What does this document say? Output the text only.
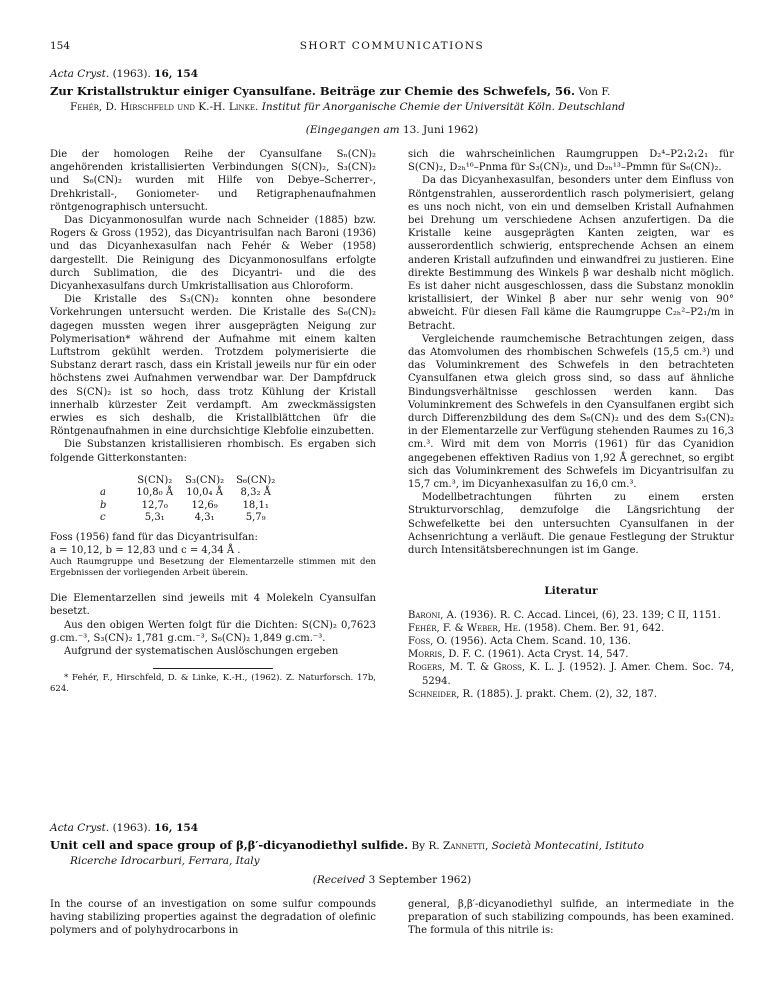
154	SHORT COMMUNICATIONS
Acta Cryst. (1963). 16, 154
Zur Kristallstruktur einiger Cyansulfane. Beiträge zur Chemie des Schwefels, 56. Von F.
Fehér, D. Hirschfeld und K.-H. Linke. Institut für Anorganische Chemie der Universität Köln. Deutschland
(Eingegangen am 13. Juni 1962)

Die der homologen Reihe der Cyansulfane Sₙ(CN)₂ angehörenden kristallisierten Verbindungen S(CN)₂, S₃(CN)₂ und S₆(CN)₂ wurden mit Hilfe von Debye–Scherrer-, Drehkristall-, Goniometer- und Retigraphenaufnahmen röntgenographisch untersucht.

Das Dicyanmonosulfan wurde nach Schneider (1885) bzw. Rogers & Gross (1952), das Dicyantrisulfan nach Baroni (1936) und das Dicyanhexasulfan nach Fehér & Weber (1958) dargestellt. Die Reinigung des Dicyanmonosulfans erfolgte durch Sublimation, die des Dicyantri- und die des Dicyanhexasulfans durch Umkristallisation aus Chloroform.

Die Kristalle des S₃(CN)₂ konnten ohne besondere Vorkehrungen untersucht werden. Die Kristalle des S₆(CN)₂ dagegen mussten wegen ihrer ausgeprägten Neigung zur Polymerisation* während der Aufnahme mit einem kalten Luftstrom gekühlt werden. Trotzdem polymerisierte die Substanz derart rasch, dass ein Kristall jeweils nur für ein oder höchstens zwei Aufnahmen verwendbar war. Der Dampfdruck des S(CN)₂ ist so hoch, dass trotz Kühlung der Kristall innerhalb kürzester Zeit verdampft. Am zweckmässigsten erwies es sich deshalb, die Kristallblättchen üfr die Röntgenaufnahmen in eine durchsichtige Klebfolie einzubetten.

Die Substanzen kristallisieren rhombisch. Es ergaben sich folgende Gitterkonstanten:

	S(CN)₂	S₃(CN)₂	S₆(CN)₂
a	10,8₀ Å	10,0₄ Å	8,3₂ Å
b	12,7₀	12,6₉	18,1₁
c	5,3₁	4,3₁	5,7₉

Foss (1956) fand für das Dicyantrisulfan:

a = 10,12, b = 12,83 und c = 4,34 Å .

Auch Raumgruppe und Besetzung der Elementarzelle stimmen mit den Ergebnissen der vorliegenden Arbeit überein.

Die Elementarzellen sind jeweils mit 4 Molekeln Cyansulfan besetzt.

Aus den obigen Werten folgt für die Dichten: S(CN)₂ 0,7623 g.cm.⁻³, S₃(CN)₂ 1,781 g.cm.⁻³, S₆(CN)₂ 1,849 g.cm.⁻³.

Aufgrund der systematischen Auslöschungen ergeben

* Fehér, F., Hirschfeld, D. & Linke, K.-H., (1962). Z. Naturforsch. 17b, 624.

sich die wahrscheinlichen Raumgruppen D₂⁴–P2₁2₁2₁ für S(CN)₂, D₂ₕ¹⁶–Pnma für S₃(CN)₂, und D₂ₕ¹³–Pmmn für S₆(CN)₂.

Da das Dicyanhexasulfan, besonders unter dem Einfluss von Röntgenstrahlen, ausserordentlich rasch polymerisiert, gelang es uns noch nicht, von ein und demselben Kristall Aufnahmen bei Drehung um verschiedene Achsen anzufertigen. Da die Kristalle keine ausgeprägten Kanten zeigten, war es ausserordentlich schwierig, entsprechende Achsen an einem anderen Kristall aufzufinden und einwandfrei zu justieren. Eine direkte Bestimmung des Winkels β war deshalb nicht möglich. Es ist daher nicht ausgeschlossen, dass die Substanz monoklin kristallisiert, der Winkel β aber nur sehr wenig von 90° abweicht. Für diesen Fall käme die Raumgruppe C₂ₕ²–P2₁/m in Betracht.

Vergleichende raumchemische Betrachtungen zeigen, dass das Atomvolumen des rhombischen Schwefels (15,5 cm.³) und das Voluminkrement des Schwefels in den betrachteten Cyansulfanen etwa gleich gross sind, so dass auf ähnliche Bindungsverhältnisse geschlossen werden kann. Das Voluminkrement des Schwefels in den Cyansulfanen ergibt sich durch Differenzbildung des dem S₆(CN)₂ und des dem S₃(CN)₂ in der Elementarzelle zur Verfügung stehenden Raumes zu 16,3 cm.³. Wird mit dem von Morris (1961) für das Cyanidion angegebenen effektiven Radius von 1,92 Å gerechnet, so ergibt sich das Voluminkrement des Schwefels im Dicyantrisulfan zu 15,7 cm.³, im Dicyanhexasulfan zu 16,0 cm.³.

Modellbetrachtungen führten zu einem ersten Strukturvorschlag, demzufolge die Längsrichtung der Schwefelkette bei den untersuchten Cyansulfanen in der Achsenrichtung a verläuft. Die genaue Festlegung der Struktur durch Intensitätsberechnungen ist im Gange.

Literatur

Baroni, A. (1936). R. C. Accad. Lincei, (6), 23. 139; C II, 1151.

Fehér, F. & Weber, He. (1958). Chem. Ber. 91, 642.

Foss, O. (1956). Acta Chem. Scand. 10, 136.

Morris, D. F. C. (1961). Acta Cryst. 14, 547.

Rogers, M. T. & Gross, K. L. J. (1952). J. Amer. Chem. Soc. 74, 5294.

Schneider, R. (1885). J. prakt. Chem. (2), 32, 187.

Acta Cryst. (1963). 16, 154
Unit cell and space group of β,β′-dicyanodiethyl sulfide. By R. Zannetti, Società Montecatini, Istituto
Ricerche Idrocarburi, Ferrara, Italy
(Received 3 September 1962)

In the course of an investigation on some sulfur compounds having stabilizing properties against the degradation of olefinic polymers and of polyhydrocarbons in

general, β,β′-dicyanodiethyl sulfide, an intermediate in the preparation of such stabilizing compounds, has been examined. The formula of this nitrile is:
